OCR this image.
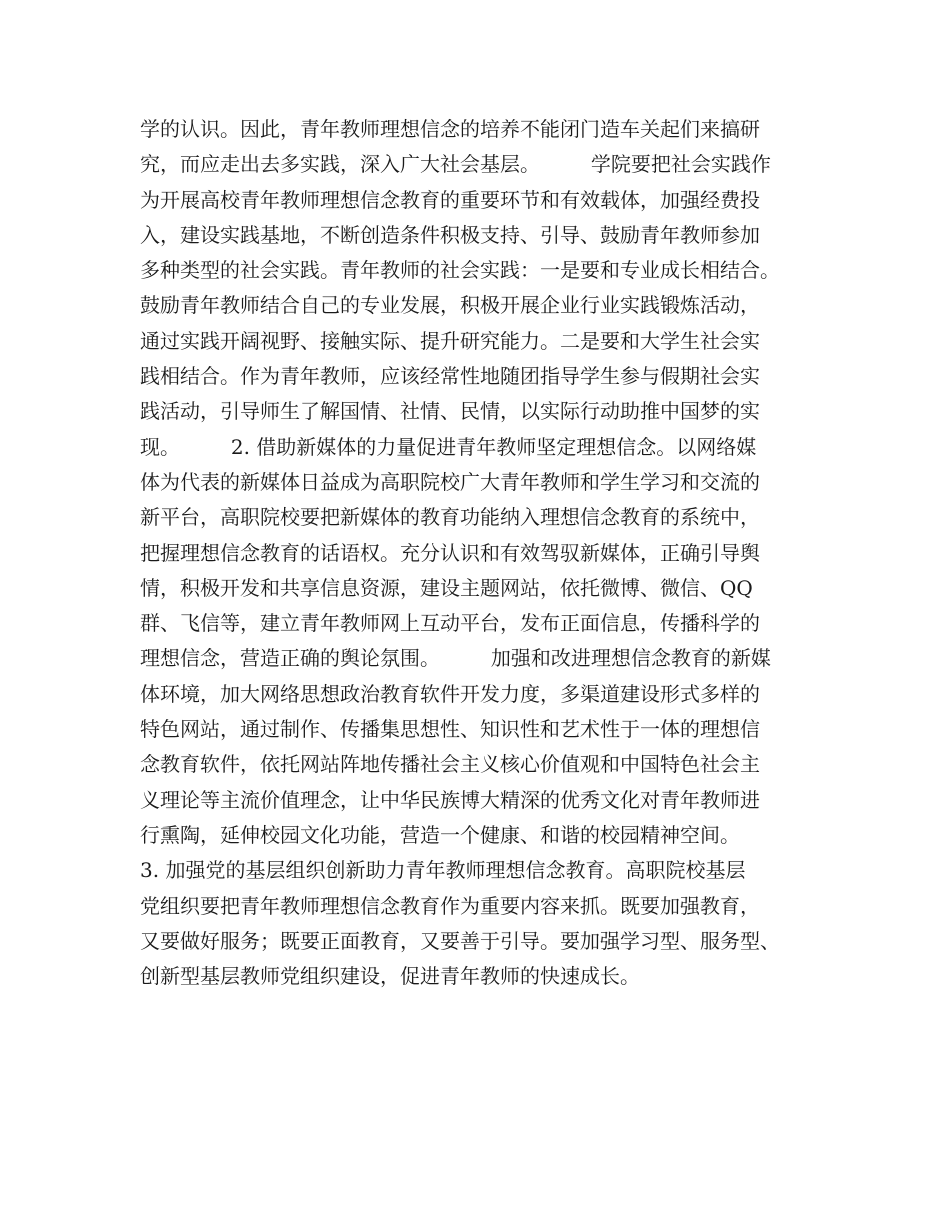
学的认识。因此，青年教师理想信念的培养不能闭门造车关起们来搞研
究，而应走出去多实践，深入广大社会基层。        学院要把社会实践作
为开展高校青年教师理想信念教育的重要环节和有效载体，加强经费投
入，建设实践基地，不断创造条件积极支持、引导、鼓励青年教师参加
多种类型的社会实践。青年教师的社会实践：一是要和专业成长相结合。
鼓励青年教师结合自己的专业发展，积极开展企业行业实践锻炼活动，
通过实践开阔视野、接触实际、提升研究能力。二是要和大学生社会实
践相结合。作为青年教师，应该经常性地随团指导学生参与假期社会实
践活动，引导师生了解国情、社情、民情，以实际行动助推中国梦的实
现。        2. 借助新媒体的力量促进青年教师坚定理想信念。以网络媒
体为代表的新媒体日益成为高职院校广大青年教师和学生学习和交流的
新平台，高职院校要把新媒体的教育功能纳入理想信念教育的系统中，
把握理想信念教育的话语权。充分认识和有效驾驭新媒体，正确引导舆
情，积极开发和共享信息资源，建设主题网站，依托微博、微信、QQ
群、飞信等，建立青年教师网上互动平台，发布正面信息，传播科学的
理想信念，营造正确的舆论氛围。        加强和改进理想信念教育的新媒
体环境，加大网络思想政治教育软件开发力度，多渠道建设形式多样的
特色网站，通过制作、传播集思想性、知识性和艺术性于一体的理想信
念教育软件，依托网站阵地传播社会主义核心价值观和中国特色社会主
义理论等主流价值理念，让中华民族博大精深的优秀文化对青年教师进
行熏陶，延伸校园文化功能，营造一个健康、和谐的校园精神空间。
3. 加强党的基层组织创新助力青年教师理想信念教育。高职院校基层
党组织要把青年教师理想信念教育作为重要内容来抓。既要加强教育，
又要做好服务；既要正面教育，又要善于引导。要加强学习型、服务型、
创新型基层教师党组织建设，促进青年教师的快速成长。
